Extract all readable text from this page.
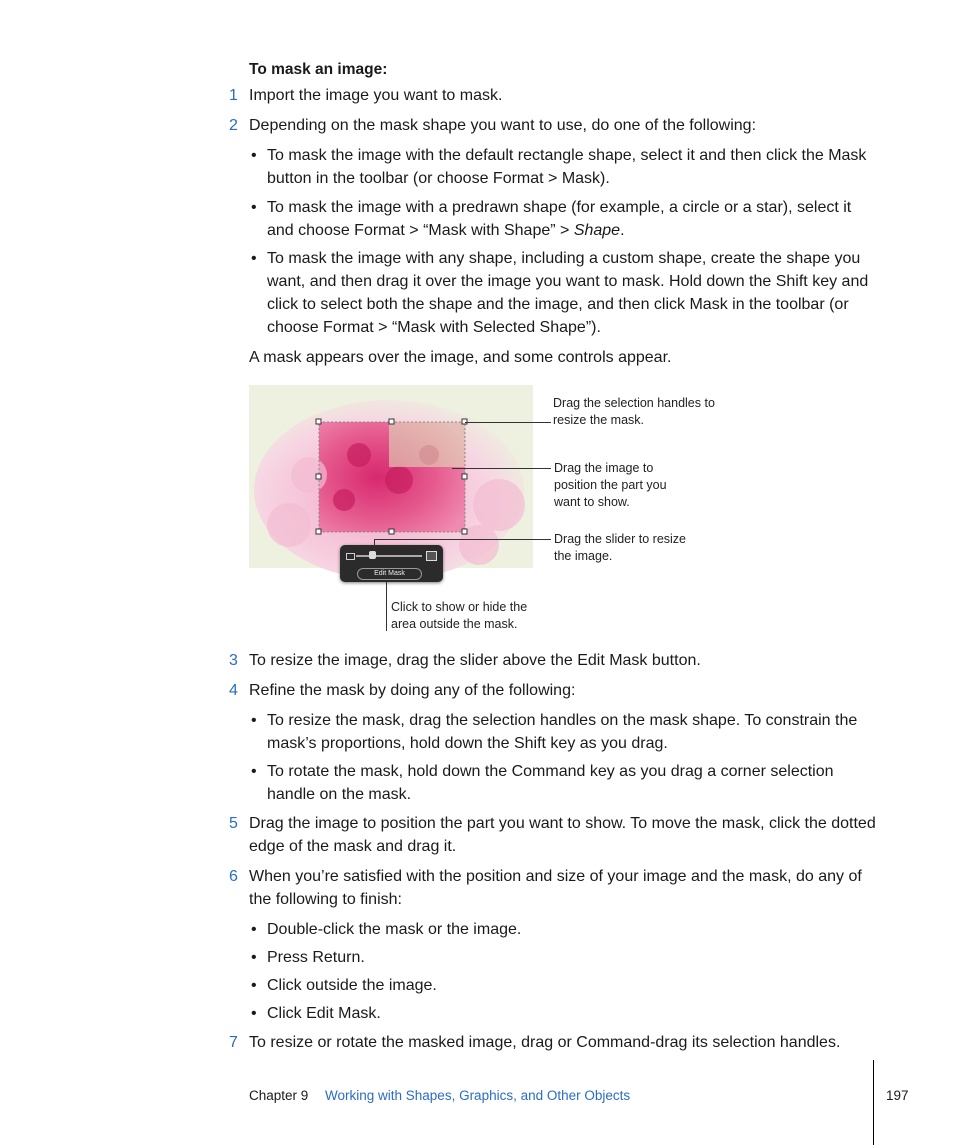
To mask an image:
1 Import the image you want to mask.
2 Depending on the mask shape you want to use, do one of the following:
• To mask the image with the default rectangle shape, select it and then click the Mask button in the toolbar (or choose Format > Mask).
• To mask the image with a predrawn shape (for example, a circle or a star), select it and choose Format > “Mask with Shape” > Shape.
• To mask the image with any shape, including a custom shape, create the shape you want, and then drag it over the image you want to mask. Hold down the Shift key and click to select both the shape and the image, and then click Mask in the toolbar (or choose Format > “Mask with Selected Shape”).
A mask appears over the image, and some controls appear.
Edit Mask
Drag the selection handles to resize the mask.
Drag the image to position the part you want to show.
Drag the slider to resize the image.
Click to show or hide the area outside the mask.
3 To resize the image, drag the slider above the Edit Mask button.
4 Refine the mask by doing any of the following:
• To resize the mask, drag the selection handles on the mask shape. To constrain the mask’s proportions, hold down the Shift key as you drag.
• To rotate the mask, hold down the Command key as you drag a corner selection handle on the mask.
5 Drag the image to position the part you want to show. To move the mask, click the dotted edge of the mask and drag it.
6 When you’re satisfied with the position and size of your image and the mask, do any of the following to finish:
• Double-click the mask or the image.
• Press Return.
• Click outside the image.
• Click Edit Mask.
7 To resize or rotate the masked image, drag or Command-drag its selection handles.
Chapter 9 Working with Shapes, Graphics, and Other Objects	197
